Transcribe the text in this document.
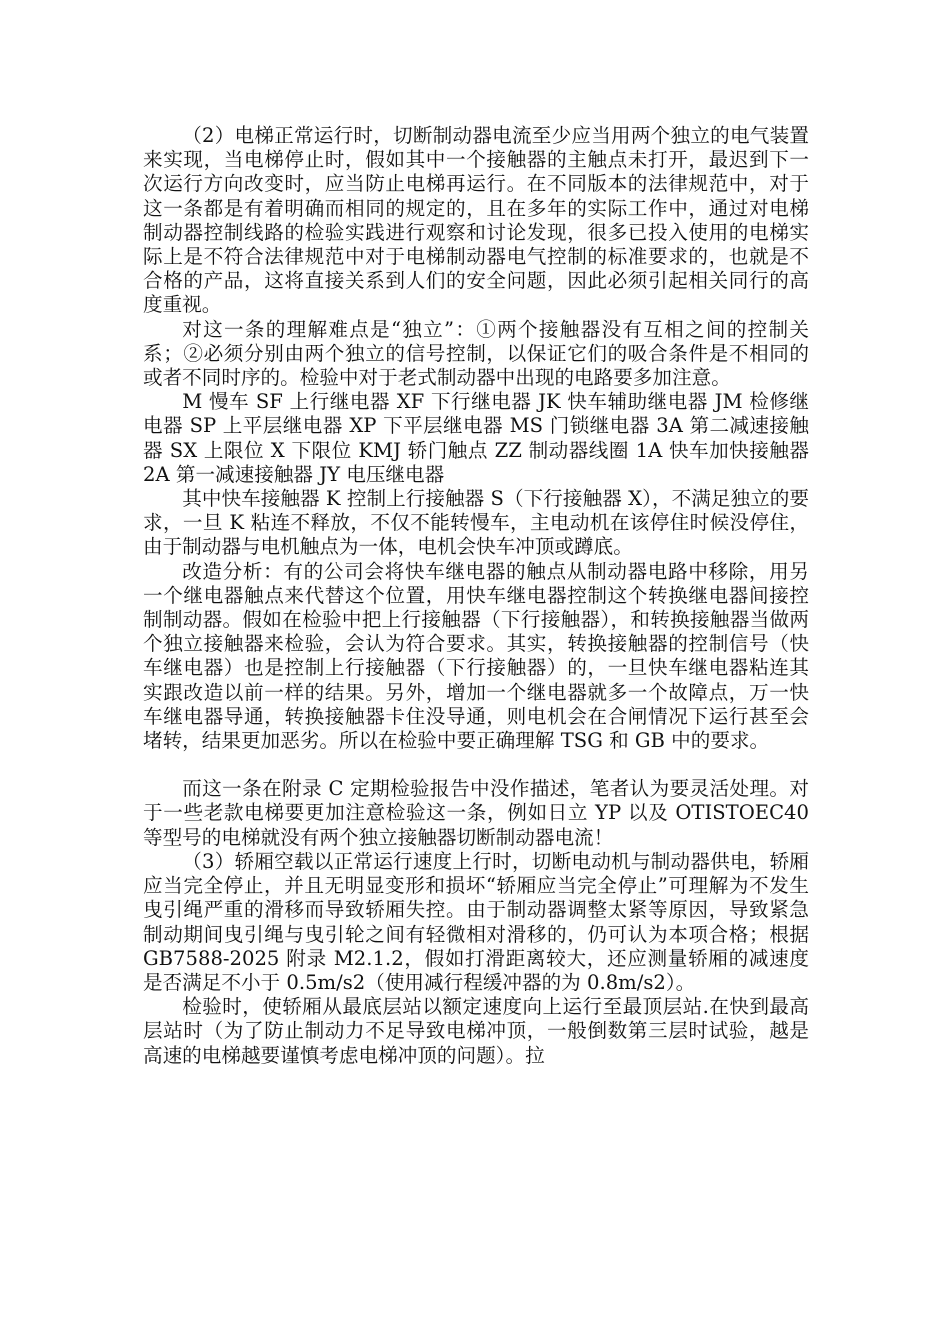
（2）电梯正常运行时，切断制动器电流至少应当用两个独立的电气装置来实现，当电梯停止时，假如其中一个接触器的主触点未打开，最迟到下一次运行方向改变时，应当防止电梯再运行。在不同版本的法律规范中，对于这一条都是有着明确而相同的规定的，且在多年的实际工作中，通过对电梯制动器控制线路的检验实践进行观察和讨论发现，很多已投入使用的电梯实际上是不符合法律规范中对于电梯制动器电气控制的标准要求的，也就是不合格的产品，这将直接关系到人们的安全问题，因此必须引起相关同行的高度重视。

对这一条的理解难点是“独立”：①两个接触器没有互相之间的控制关系；②必须分别由两个独立的信号控制，以保证它们的吸合条件是不相同的或者不同时序的。检验中对于老式制动器中出现的电路要多加注意。

M 慢车 SF 上行继电器 XF 下行继电器 JK 快车辅助继电器 JM 检修继电器 SP 上平层继电器 XP 下平层继电器 MS 门锁继电器 3A 第二减速接触器 SX 上限位 X 下限位 KMJ 轿门触点 ZZ 制动器线圈 1A 快车加快接触器 2A 第一减速接触器 JY 电压继电器

其中快车接触器 K 控制上行接触器 S（下行接触器 X），不满足独立的要求，一旦 K 粘连不释放，不仅不能转慢车，主电动机在该停住时候没停住，由于制动器与电机触点为一体，电机会快车冲顶或蹲底。

改造分析：有的公司会将快车继电器的触点从制动器电路中移除，用另一个继电器触点来代替这个位置，用快车继电器控制这个转换继电器间接控制制动器。假如在检验中把上行接触器（下行接触器），和转换接触器当做两个独立接触器来检验，会认为符合要求。其实，转换接触器的控制信号（快车继电器）也是控制上行接触器（下行接触器）的，一旦快车继电器粘连其实跟改造以前一样的结果。另外，增加一个继电器就多一个故障点，万一快车继电器导通，转换接触器卡住没导通，则电机会在合闸情况下运行甚至会堵转，结果更加恶劣。所以在检验中要正确理解 TSG 和 GB 中的要求。

而这一条在附录 C 定期检验报告中没作描述，笔者认为要灵活处理。对于一些老款电梯要更加注意检验这一条，例如日立 YP 以及 OTISTOEC40 等型号的电梯就没有两个独立接触器切断制动器电流！

（3）轿厢空载以正常运行速度上行时，切断电动机与制动器供电，轿厢应当完全停止，并且无明显变形和损坏“轿厢应当完全停止”可理解为不发生曳引绳严重的滑移而导致轿厢失控。由于制动器调整太紧等原因，导致紧急制动期间曳引绳与曳引轮之间有轻微相对滑移的，仍可认为本项合格；根据 GB7588-2025 附录 M2.1.2，假如打滑距离较大，还应测量轿厢的减速度是否满足不小于 0.5m/s2（使用减行程缓冲器的为 0.8m/s2）。

检验时，使轿厢从最底层站以额定速度向上运行至最顶层站.在快到最高层站时（为了防止制动力不足导致电梯冲顶，一般倒数第三层时试验，越是高速的电梯越要谨慎考虑电梯冲顶的问题）。拉
